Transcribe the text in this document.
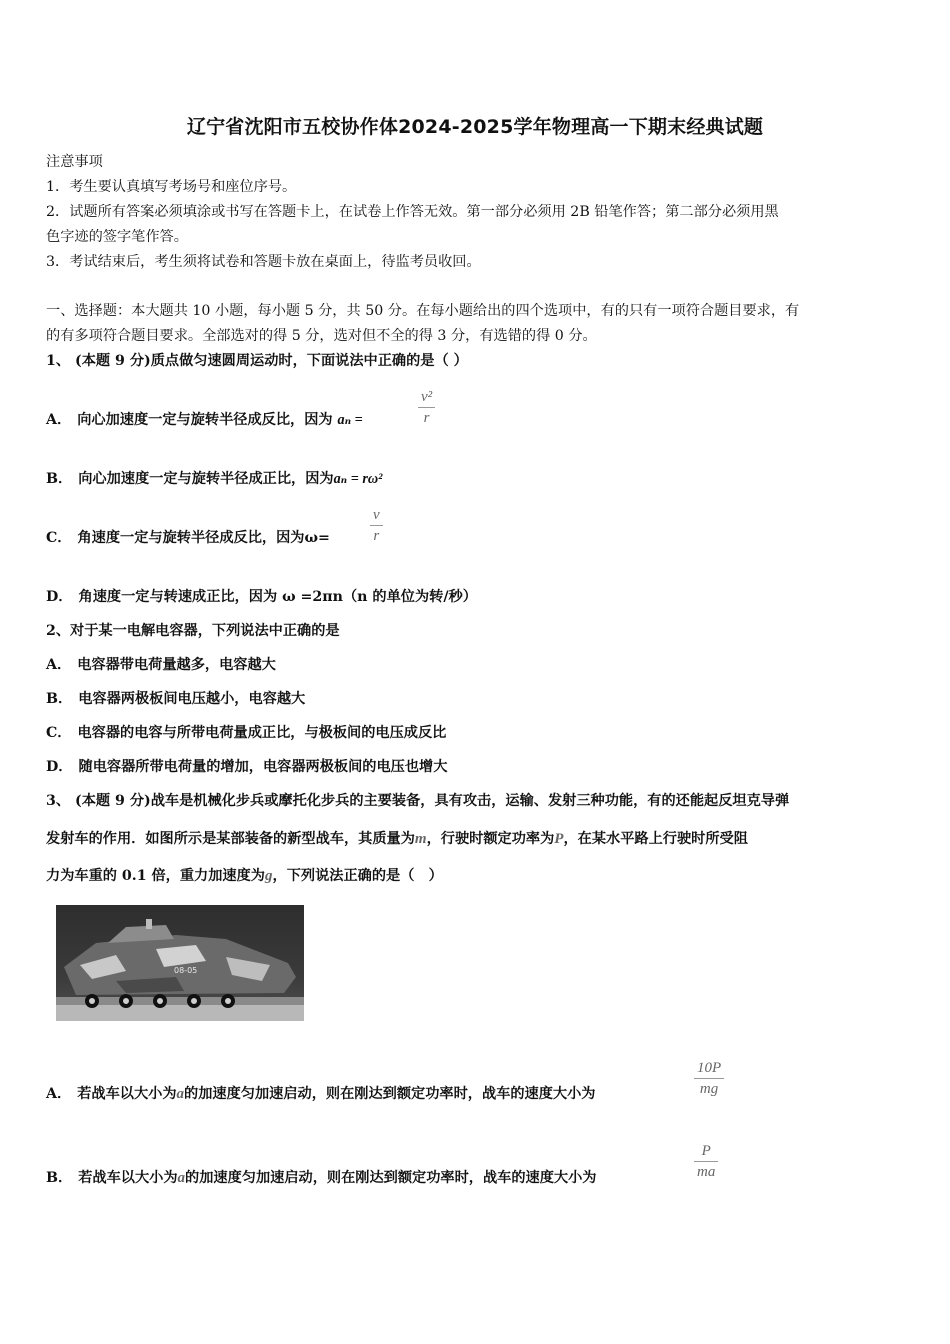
辽宁省沈阳市五校协作体2024-2025学年物理高一下期末经典试题
注意事项
1．考生要认真填写考场号和座位序号。
2．试题所有答案必须填涂或书写在答题卡上，在试卷上作答无效。第一部分必须用 2B 铅笔作答；第二部分必须用黑
色字迹的签字笔作答。
3．考试结束后，考生须将试卷和答题卡放在桌面上，待监考员收回。
一、选择题：本大题共 10 小题，每小题 5 分，共 50 分。在每小题给出的四个选项中，有的只有一项符合题目要求，有
的有多项符合题目要求。全部选对的得 5 分，选对但不全的得 3 分，有选错的得 0 分。
1、 (本题 9 分)质点做匀速圆周运动时，下面说法中正确的是（ ）
A． 向心加速度一定与旋转半径成反比，因为 aₙ =
v²
r
B． 向心加速度一定与旋转半径成正比，因为aₙ = rω²
C． 角速度一定与旋转半径成反比，因为ω=
v
r
D． 角速度一定与转速成正比，因为 ω =2πn（n 的单位为转/秒）
2、对于某一电解电容器，下列说法中正确的是
A． 电容器带电荷量越多，电容越大
B． 电容器两极板间电压越小，电容越大
C． 电容器的电容与所带电荷量成正比，与极板间的电压成反比
D． 随电容器所带电荷量的增加，电容器两极板间的电压也增大
3、 (本题 9 分)战车是机械化步兵或摩托化步兵的主要装备，具有攻击，运输、发射三种功能，有的还能起反坦克导弹
发射车的作用．如图所示是某部装备的新型战车，其质量为m，行驶时额定功率为P，在某水平路上行驶时所受阻
力为车重的 0.1 倍，重力加速度为g，下列说法正确的是（　）
08-05
A． 若战车以大小为a的加速度匀加速启动，则在刚达到额定功率时，战车的速度大小为
10P
mg
B． 若战车以大小为a的加速度匀加速启动，则在刚达到额定功率时，战车的速度大小为
P
ma
